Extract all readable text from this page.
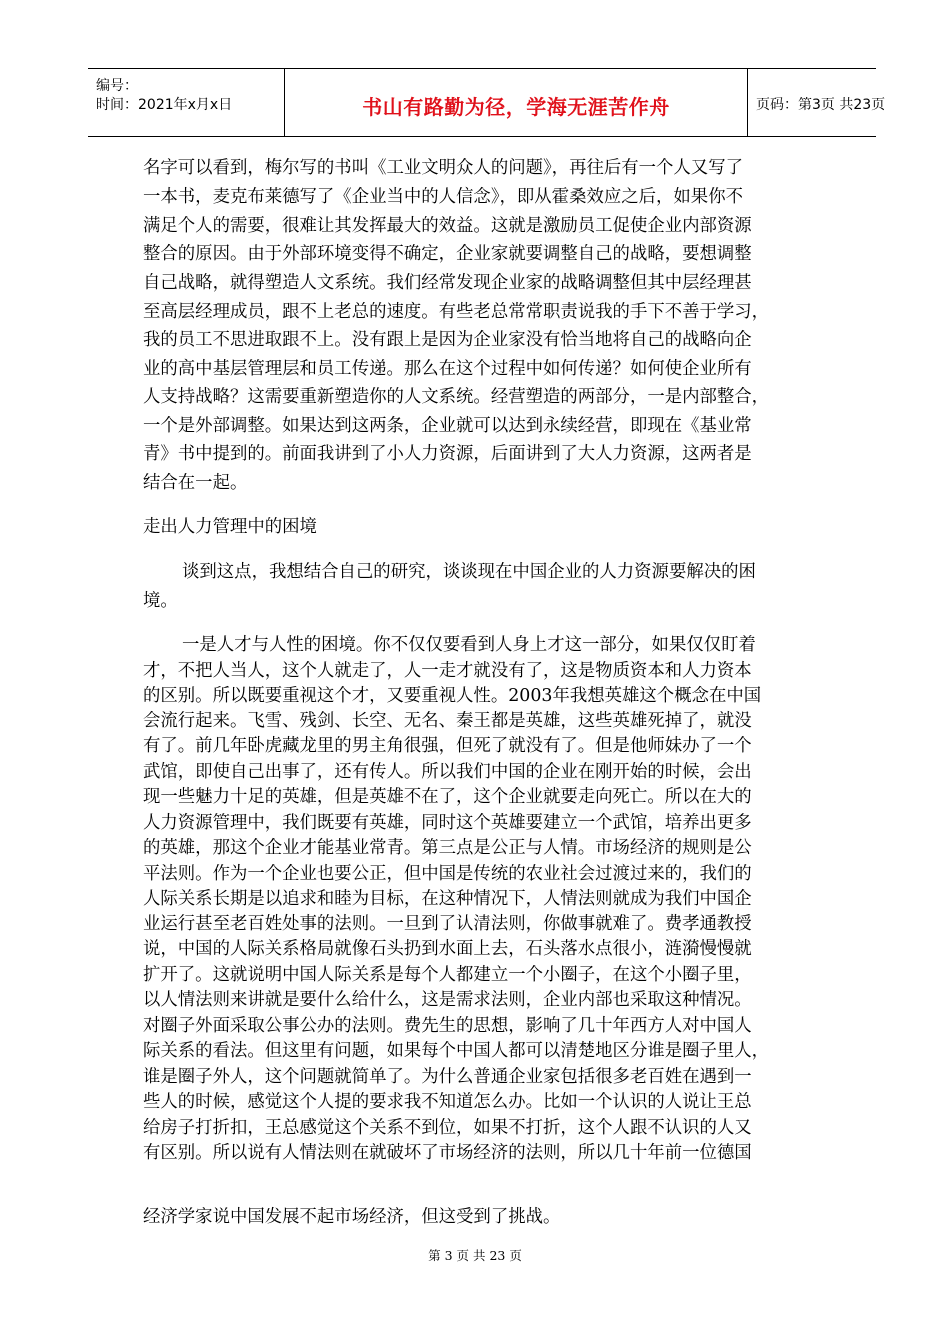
编号：
时间：2021年x月x日	书山有路勤为径，学海无涯苦作舟	页码：第3页 共23页
名字可以看到，梅尔写的书叫《工业文明众人的问题》，再往后有一个人又写了
一本书，麦克布莱德写了《企业当中的人信念》，即从霍桑效应之后，如果你不
满足个人的需要，很难让其发挥最大的效益。这就是激励员工促使企业内部资源
整合的原因。由于外部环境变得不确定，企业家就要调整自己的战略，要想调整
自己战略，就得塑造人文系统。我们经常发现企业家的战略调整但其中层经理甚
至高层经理成员，跟不上老总的速度。有些老总常常职责说我的手下不善于学习，
我的员工不思进取跟不上。没有跟上是因为企业家没有恰当地将自己的战略向企
业的高中基层管理层和员工传递。那么在这个过程中如何传递？如何使企业所有
人支持战略？这需要重新塑造你的人文系统。经营塑造的两部分，一是内部整合，
一个是外部调整。如果达到这两条，企业就可以达到永续经营，即现在《基业常
青》书中提到的。前面我讲到了小人力资源，后面讲到了大人力资源，这两者是
结合在一起。
走出人力管理中的困境
谈到这点，我想结合自己的研究，谈谈现在中国企业的人力资源要解决的困
境。
一是人才与人性的困境。你不仅仅要看到人身上才这一部分，如果仅仅盯着
才，不把人当人，这个人就走了，人一走才就没有了，这是物质资本和人力资本
的区别。所以既要重视这个才，又要重视人性。2003年我想英雄这个概念在中国
会流行起来。飞雪、残剑、长空、无名、秦王都是英雄，这些英雄死掉了，就没
有了。前几年卧虎藏龙里的男主角很强，但死了就没有了。但是他师妹办了一个
武馆，即使自己出事了，还有传人。所以我们中国的企业在刚开始的时候，会出
现一些魅力十足的英雄，但是英雄不在了，这个企业就要走向死亡。所以在大的
人力资源管理中，我们既要有英雄，同时这个英雄要建立一个武馆，培养出更多
的英雄，那这个企业才能基业常青。第三点是公正与人情。市场经济的规则是公
平法则。作为一个企业也要公正，但中国是传统的农业社会过渡过来的，我们的
人际关系长期是以追求和睦为目标，在这种情况下，人情法则就成为我们中国企
业运行甚至老百姓处事的法则。一旦到了认清法则，你做事就难了。费孝通教授
说，中国的人际关系格局就像石头扔到水面上去，石头落水点很小，涟漪慢慢就
扩开了。这就说明中国人际关系是每个人都建立一个小圈子，在这个小圈子里，
以人情法则来讲就是要什么给什么，这是需求法则，企业内部也采取这种情况。
对圈子外面采取公事公办的法则。费先生的思想，影响了几十年西方人对中国人
际关系的看法。但这里有问题，如果每个中国人都可以清楚地区分谁是圈子里人，
谁是圈子外人，这个问题就简单了。为什么普通企业家包括很多老百姓在遇到一
些人的时候，感觉这个人提的要求我不知道怎么办。比如一个认识的人说让王总
给房子打折扣，王总感觉这个关系不到位，如果不打折，这个人跟不认识的人又
有区别。所以说有人情法则在就破坏了市场经济的法则，所以几十年前一位德国
经济学家说中国发展不起市场经济，但这受到了挑战。
第 3 页 共 23 页
